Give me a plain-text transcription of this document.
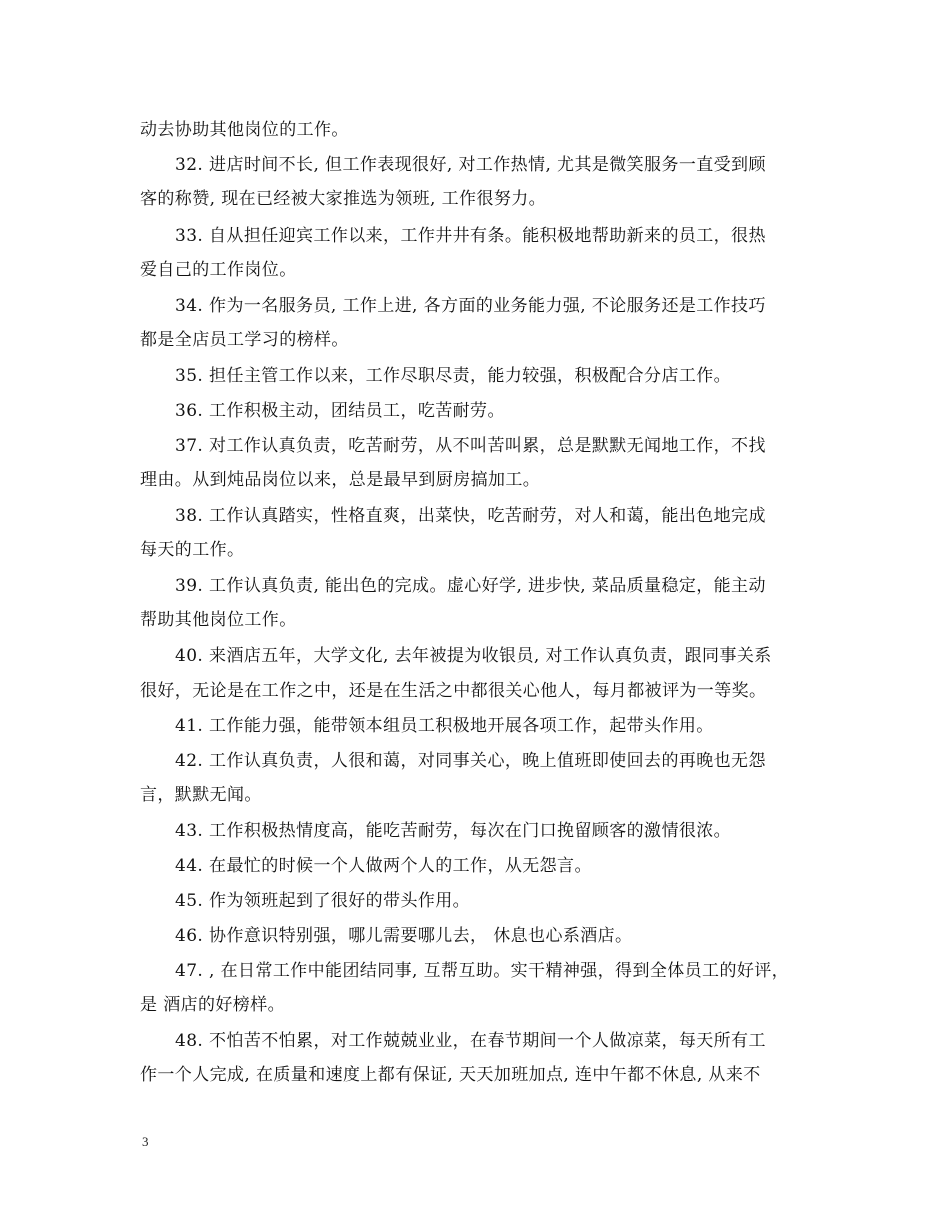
动去协助其他岗位的工作。
32. 进店时间不长, 但工作表现很好, 对工作热情, 尤其是微笑服务一直受到顾
客的称赞, 现在已经被大家推选为领班, 工作很努力。
33. 自从担任迎宾工作以来，工作井井有条。能积极地帮助新来的员工，很热
爱自己的工作岗位。
34. 作为一名服务员, 工作上进, 各方面的业务能力强, 不论服务还是工作技巧
都是全店员工学习的榜样。
35. 担任主管工作以来，工作尽职尽责，能力较强，积极配合分店工作。
36. 工作积极主动，团结员工，吃苦耐劳。
37. 对工作认真负责，吃苦耐劳，从不叫苦叫累，总是默默无闻地工作，不找
理由。从到炖品岗位以来，总是最早到厨房搞加工。
38. 工作认真踏实，性格直爽，出菜快，吃苦耐劳，对人和蔼，能出色地完成
每天的工作。
39. 工作认真负责, 能出色的完成。虚心好学, 进步快, 菜品质量稳定，能主动
帮助其他岗位工作。
40. 来酒店五年，大学文化, 去年被提为收银员, 对工作认真负责，跟同事关系
很好，无论是在工作之中，还是在生活之中都很关心他人，每月都被评为一等奖。
41. 工作能力强，能带领本组员工积极地开展各项工作，起带头作用。
42. 工作认真负责，人很和蔼，对同事关心，晚上值班即使回去的再晚也无怨
言，默默无闻。
43. 工作积极热情度高，能吃苦耐劳，每次在门口挽留顾客的激情很浓。
44. 在最忙的时候一个人做两个人的工作，从无怨言。
45. 作为领班起到了很好的带头作用。
46. 协作意识特别强，哪儿需要哪儿去， 休息也心系酒店。
47. , 在日常工作中能团结同事, 互帮互助。实干精神强，得到全体员工的好评，
是 酒店的好榜样。
48. 不怕苦不怕累，对工作兢兢业业，在春节期间一个人做凉菜，每天所有工
作一个人完成, 在质量和速度上都有保证, 天天加班加点, 连中午都不休息, 从来不
3
